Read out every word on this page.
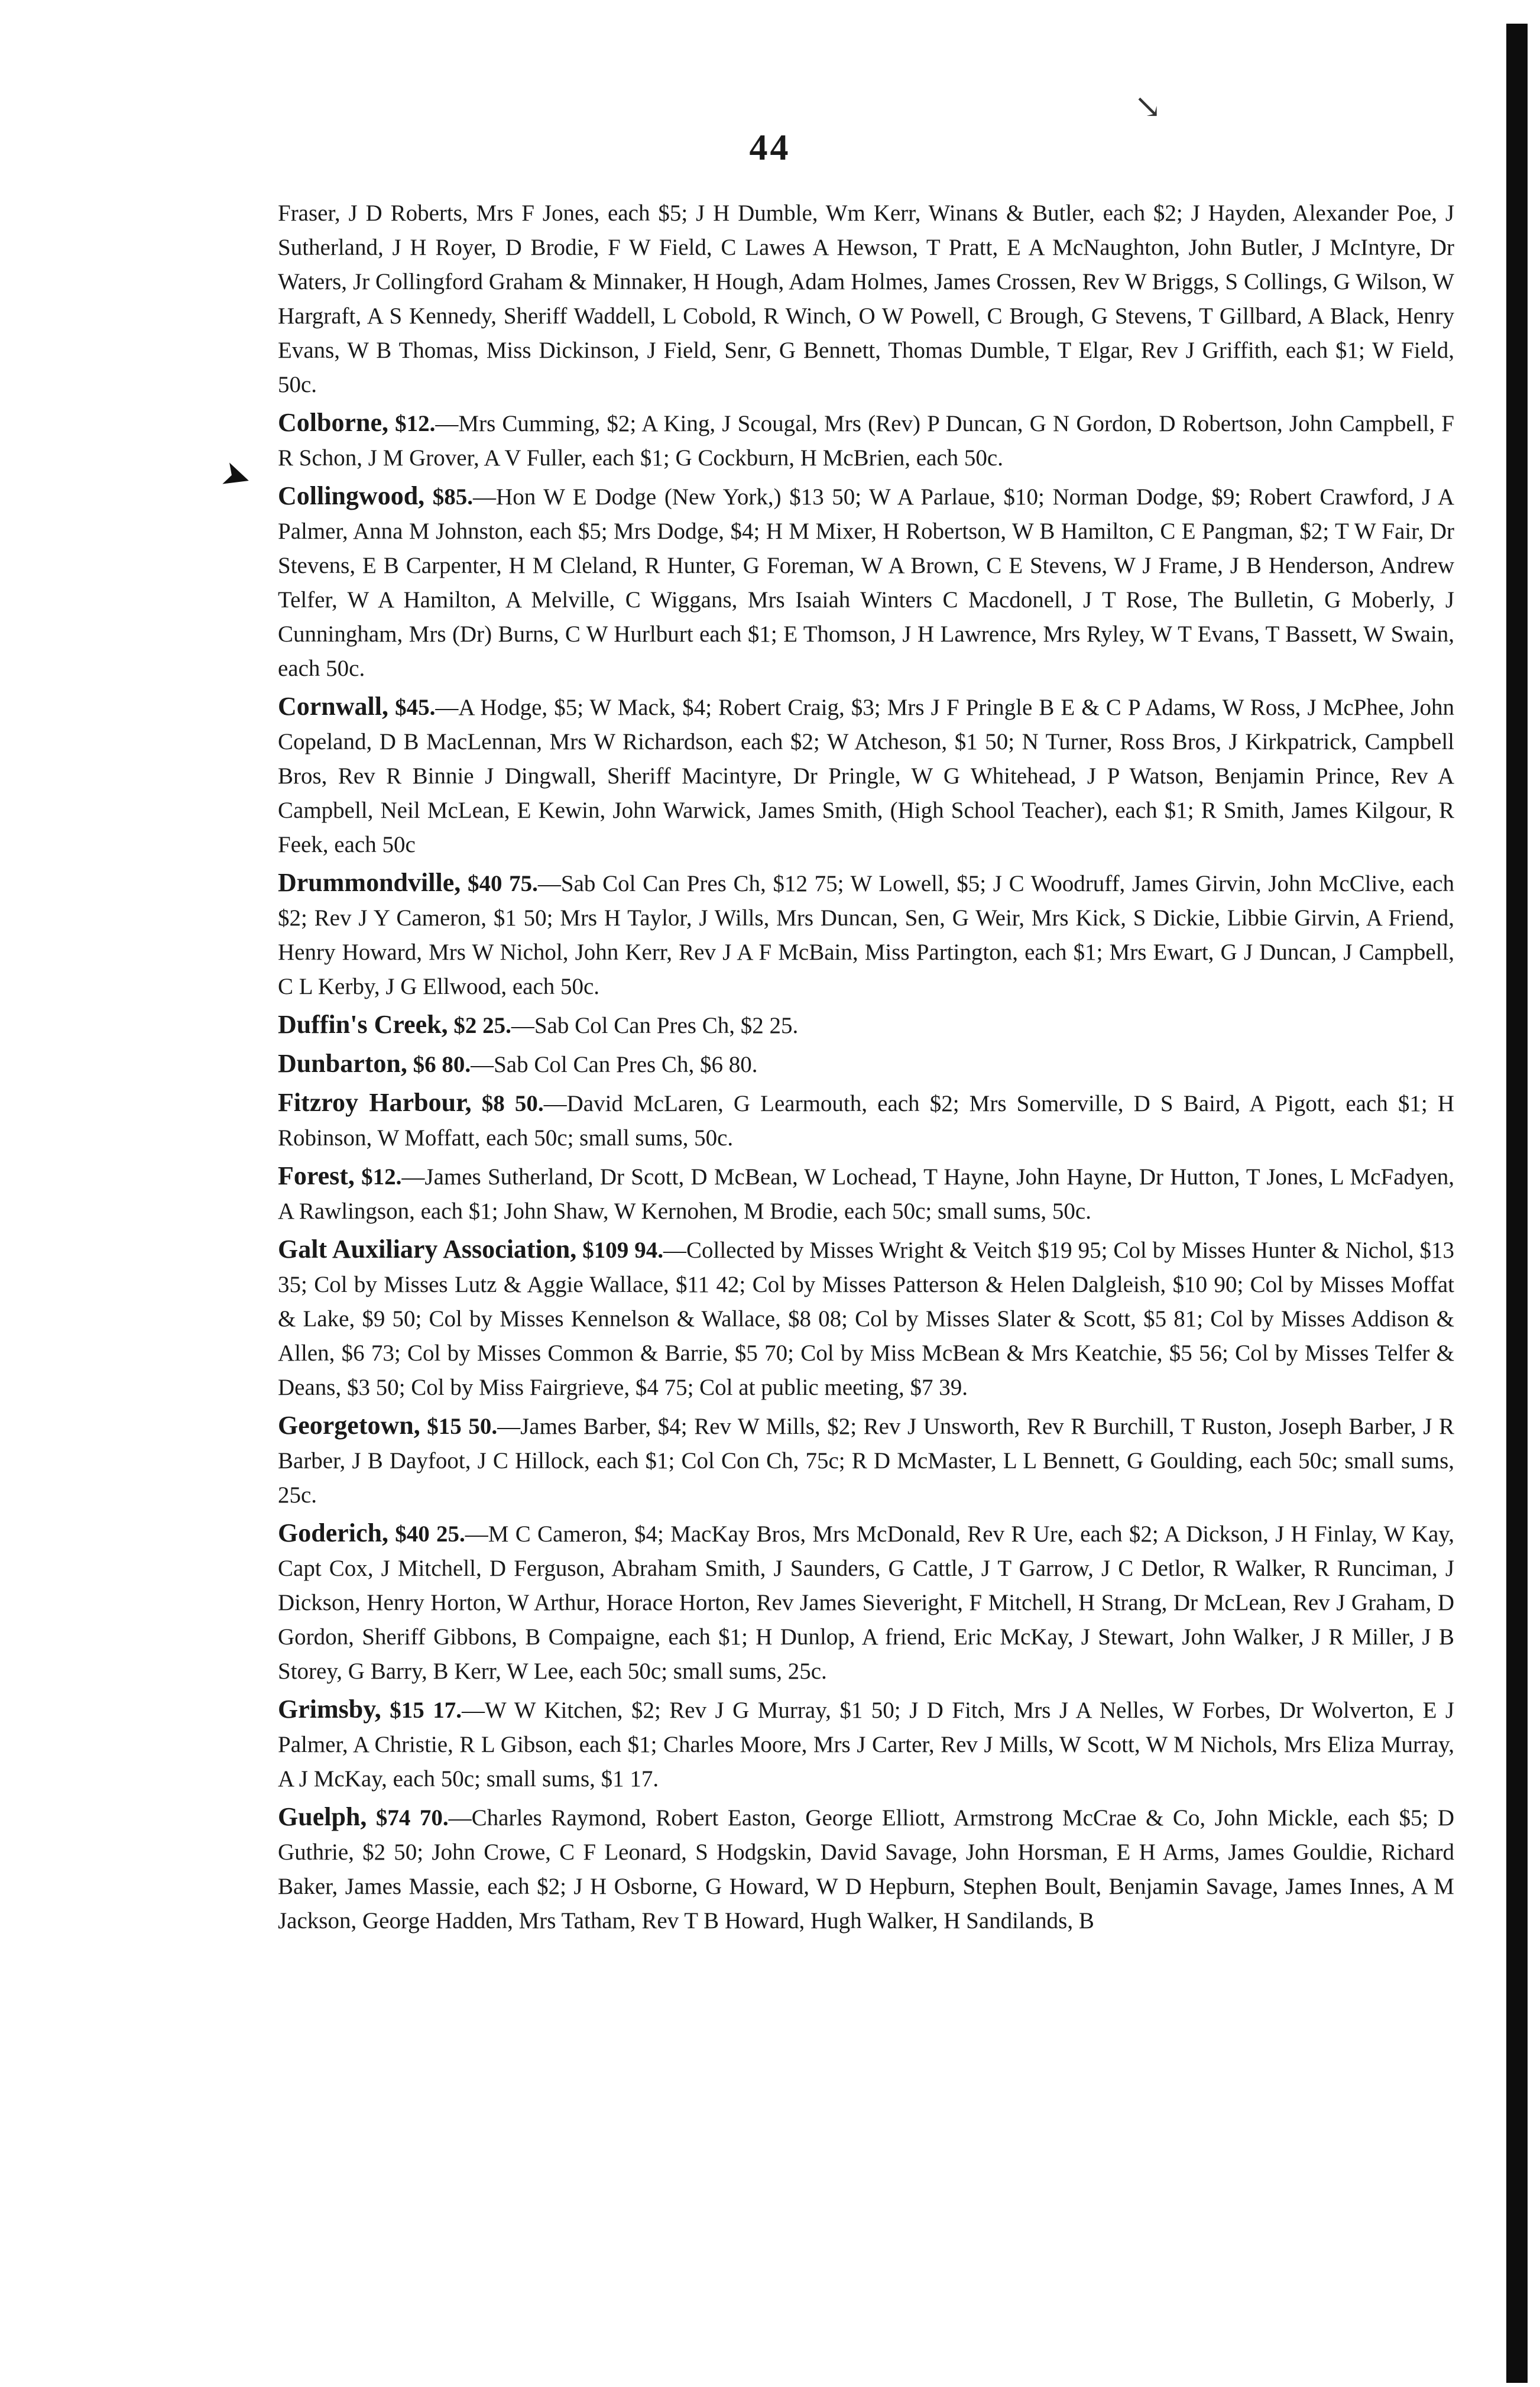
↘
➤
44

Fraser, J D Roberts, Mrs F Jones, each $5; J H Dumble, Wm Kerr, Winans & Butler, each $2; J Hayden, Alexander Poe, J Sutherland, J H Royer, D Brodie, F W Field, C Lawes A Hewson, T Pratt, E A McNaughton, John Butler, J McIntyre, Dr Waters, Jr Collingford Graham & Minnaker, H Hough, Adam Holmes, James Crossen, Rev W Briggs, S Collings, G Wilson, W Hargraft, A S Kennedy, Sheriff Waddell, L Cobold, R Winch, O W Powell, C Brough, G Stevens, T Gillbard, A Black, Henry Evans, W B Thomas, Miss Dickinson, J Field, Senr, G Bennett, Thomas Dumble, T Elgar, Rev J Griffith, each $1; W Field, 50c.

Colborne, $12.—Mrs Cumming, $2; A King, J Scougal, Mrs (Rev) P Duncan, G N Gordon, D Robertson, John Campbell, F R Schon, J M Grover, A V Fuller, each $1; G Cockburn, H McBrien, each 50c.

Collingwood, $85.—Hon W E Dodge (New York,) $13 50; W A Parlaue, $10; Norman Dodge, $9; Robert Crawford, J A Palmer, Anna M Johnston, each $5; Mrs Dodge, $4; H M Mixer, H Robertson, W B Hamilton, C E Pangman, $2; T W Fair, Dr Stevens, E B Carpenter, H M Cleland, R Hunter, G Foreman, W A Brown, C E Stevens, W J Frame, J B Henderson, Andrew Telfer, W A Hamilton, A Melville, C Wiggans, Mrs Isaiah Winters C Macdonell, J T Rose, The Bulletin, G Moberly, J Cunningham, Mrs (Dr) Burns, C W Hurlburt each $1; E Thomson, J H Lawrence, Mrs Ryley, W T Evans, T Bassett, W Swain, each 50c.

Cornwall, $45.—A Hodge, $5; W Mack, $4; Robert Craig, $3; Mrs J F Pringle B E & C P Adams, W Ross, J McPhee, John Copeland, D B MacLennan, Mrs W Richardson, each $2; W Atcheson, $1 50; N Turner, Ross Bros, J Kirkpatrick, Campbell Bros, Rev R Binnie J Dingwall, Sheriff Macintyre, Dr Pringle, W G Whitehead, J P Watson, Benjamin Prince, Rev A Campbell, Neil McLean, E Kewin, John Warwick, James Smith, (High School Teacher), each $1; R Smith, James Kilgour, R Feek, each 50c

Drummondville, $40 75.—Sab Col Can Pres Ch, $12 75; W Lowell, $5; J C Woodruff, James Girvin, John McClive, each $2; Rev J Y Cameron, $1 50; Mrs H Taylor, J Wills, Mrs Duncan, Sen, G Weir, Mrs Kick, S Dickie, Libbie Girvin, A Friend, Henry Howard, Mrs W Nichol, John Kerr, Rev J A F McBain, Miss Partington, each $1; Mrs Ewart, G J Duncan, J Campbell, C L Kerby, J G Ellwood, each 50c.

Duffin's Creek, $2 25.—Sab Col Can Pres Ch, $2 25.

Dunbarton, $6 80.—Sab Col Can Pres Ch, $6 80.

Fitzroy Harbour, $8 50.—David McLaren, G Learmouth, each $2; Mrs Somerville, D S Baird, A Pigott, each $1; H Robinson, W Moffatt, each 50c; small sums, 50c.

Forest, $12.—James Sutherland, Dr Scott, D McBean, W Lochead, T Hayne, John Hayne, Dr Hutton, T Jones, L McFadyen, A Rawlingson, each $1; John Shaw, W Kernohen, M Brodie, each 50c; small sums, 50c.

Galt Auxiliary Association, $109 94.—Collected by Misses Wright & Veitch $19 95; Col by Misses Hunter & Nichol, $13 35; Col by Misses Lutz & Aggie Wallace, $11 42; Col by Misses Patterson & Helen Dalgleish, $10 90; Col by Misses Moffat & Lake, $9 50; Col by Misses Kennelson & Wallace, $8 08; Col by Misses Slater & Scott, $5 81; Col by Misses Addison & Allen, $6 73; Col by Misses Common & Barrie, $5 70; Col by Miss McBean & Mrs Keatchie, $5 56; Col by Misses Telfer & Deans, $3 50; Col by Miss Fairgrieve, $4 75; Col at public meeting, $7 39.

Georgetown, $15 50.—James Barber, $4; Rev W Mills, $2; Rev J Unsworth, Rev R Burchill, T Ruston, Joseph Barber, J R Barber, J B Dayfoot, J C Hillock, each $1; Col Con Ch, 75c; R D McMaster, L L Bennett, G Goulding, each 50c; small sums, 25c.

Goderich, $40 25.—M C Cameron, $4; MacKay Bros, Mrs McDonald, Rev R Ure, each $2; A Dickson, J H Finlay, W Kay, Capt Cox, J Mitchell, D Ferguson, Abraham Smith, J Saunders, G Cattle, J T Garrow, J C Detlor, R Walker, R Runciman, J Dickson, Henry Horton, W Arthur, Horace Horton, Rev James Sieveright, F Mitchell, H Strang, Dr McLean, Rev J Graham, D Gordon, Sheriff Gibbons, B Compaigne, each $1; H Dunlop, A friend, Eric McKay, J Stewart, John Walker, J R Miller, J B Storey, G Barry, B Kerr, W Lee, each 50c; small sums, 25c.

Grimsby, $15 17.—W W Kitchen, $2; Rev J G Murray, $1 50; J D Fitch, Mrs J A Nelles, W Forbes, Dr Wolverton, E J Palmer, A Christie, R L Gibson, each $1; Charles Moore, Mrs J Carter, Rev J Mills, W Scott, W M Nichols, Mrs Eliza Murray, A J McKay, each 50c; small sums, $1 17.

Guelph, $74 70.—Charles Raymond, Robert Easton, George Elliott, Armstrong McCrae & Co, John Mickle, each $5; D Guthrie, $2 50; John Crowe, C F Leonard, S Hodgskin, David Savage, John Horsman, E H Arms, James Gouldie, Richard Baker, James Massie, each $2; J H Osborne, G Howard, W D Hepburn, Stephen Boult, Benjamin Savage, James Innes, A M Jackson, George Hadden, Mrs Tatham, Rev T B Howard, Hugh Walker, H Sandilands, B
